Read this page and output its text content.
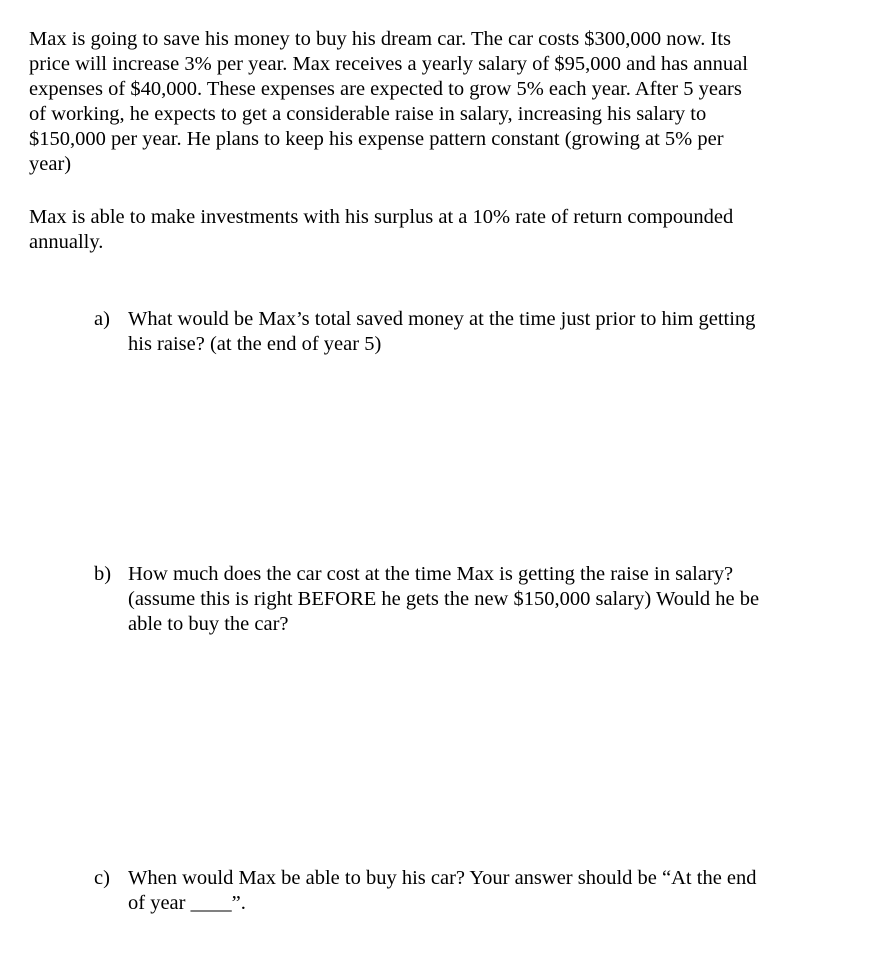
Max is going to save his money to buy his dream car. The car costs $300,000 now. Its
price will increase 3% per year. Max receives a yearly salary of $95,000 and has annual
expenses of $40,000. These expenses are expected to grow 5% each year. After 5 years
of working, he expects to get a considerable raise in salary, increasing his salary to
$150,000 per year. He plans to keep his expense pattern constant (growing at 5% per
year)
Max is able to make investments with his surplus at a 10% rate of return compounded
annually.
a) What would be Max’s total saved money at the time just prior to him getting
his raise? (at the end of year 5)
b) How much does the car cost at the time Max is getting the raise in salary?
(assume this is right BEFORE he gets the new $150,000 salary) Would he be
able to buy the car?
c) When would Max be able to buy his car? Your answer should be “At the end
of year ____”.
